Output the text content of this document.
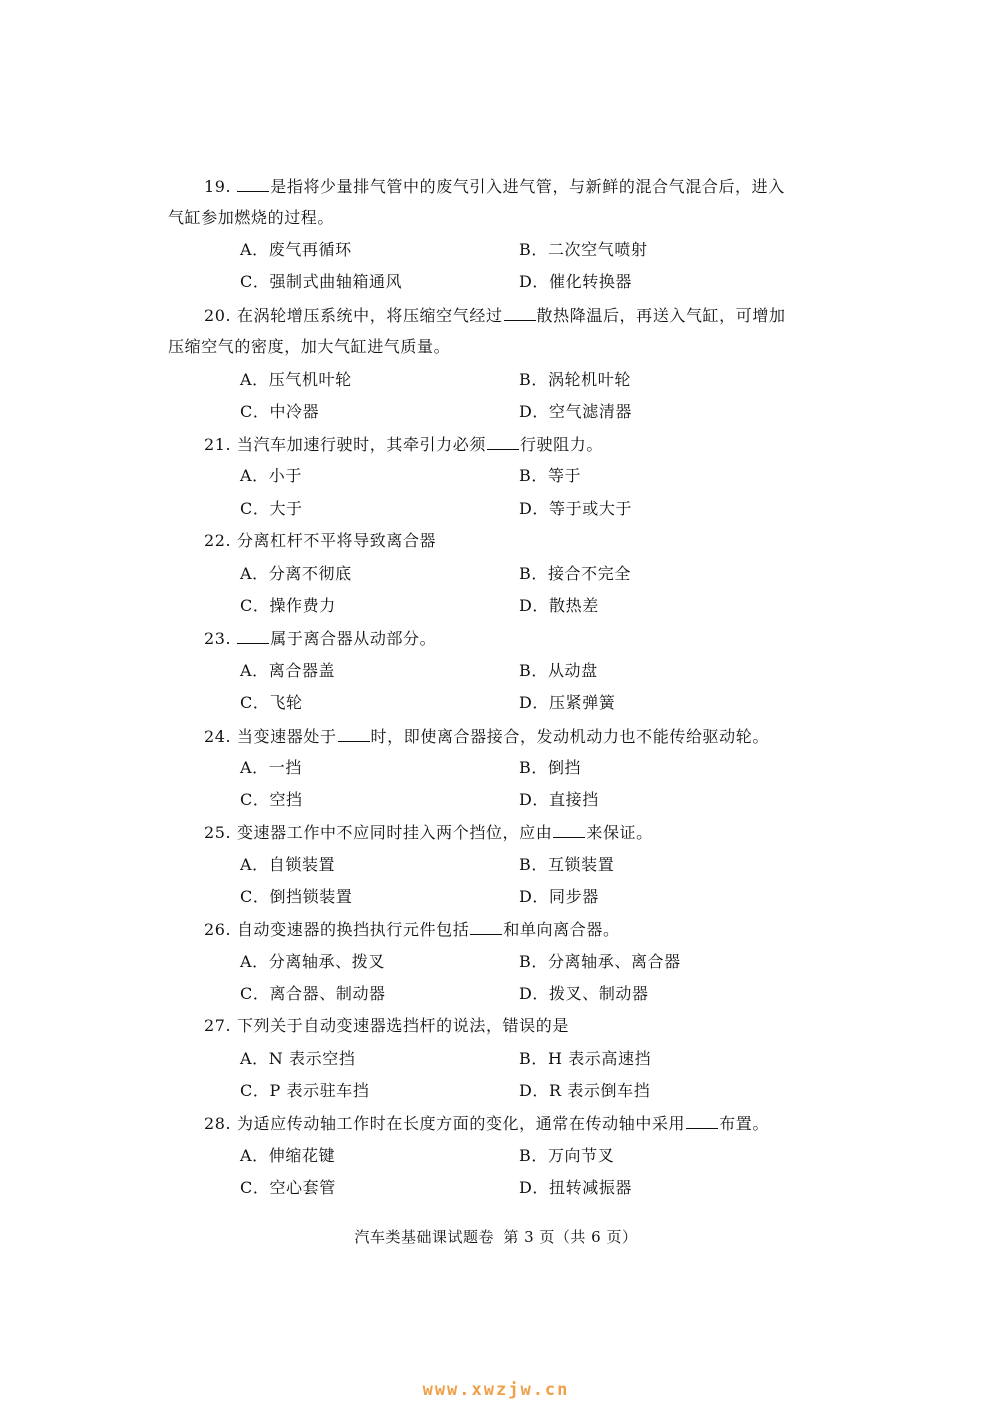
19. 是指将少量排气管中的废气引入进气管，与新鲜的混合气混合后，进入
气缸参加燃烧的过程。
A．废气再循环	B．二次空气喷射
C．强制式曲轴箱通风	D．催化转换器
20. 在涡轮增压系统中，将压缩空气经过 散热降温后，再送入气缸，可增加
压缩空气的密度，加大气缸进气质量。
A．压气机叶轮	B．涡轮机叶轮
C．中冷器	D．空气滤清器
21. 当汽车加速行驶时，其牵引力必须 行驶阻力。
A．小于	B．等于
C．大于	D．等于或大于
22. 分离杠杆不平将导致离合器
A．分离不彻底	B．接合不完全
C．操作费力	D．散热差
23. 属于离合器从动部分。
A．离合器盖	B．从动盘
C．飞轮	D．压紧弹簧
24. 当变速器处于 时，即使离合器接合，发动机动力也不能传给驱动轮。
A．一挡	B．倒挡
C．空挡	D．直接挡
25. 变速器工作中不应同时挂入两个挡位，应由 来保证。
A．自锁装置	B．互锁装置
C．倒挡锁装置	D．同步器
26. 自动变速器的换挡执行元件包括 和单向离合器。
A．分离轴承、拨叉	B．分离轴承、离合器
C．离合器、制动器	D．拨叉、制动器
27. 下列关于自动变速器选挡杆的说法，错误的是
A．N 表示空挡	B．H 表示高速挡
C．P 表示驻车挡	D．R 表示倒车挡
28. 为适应传动轴工作时在长度方面的变化，通常在传动轴中采用 布置。
A．伸缩花键	B．万向节叉
C．空心套管	D．扭转减振器
汽车类基础课试题卷 第 3 页（共 6 页）
www.xwzjw.cn
